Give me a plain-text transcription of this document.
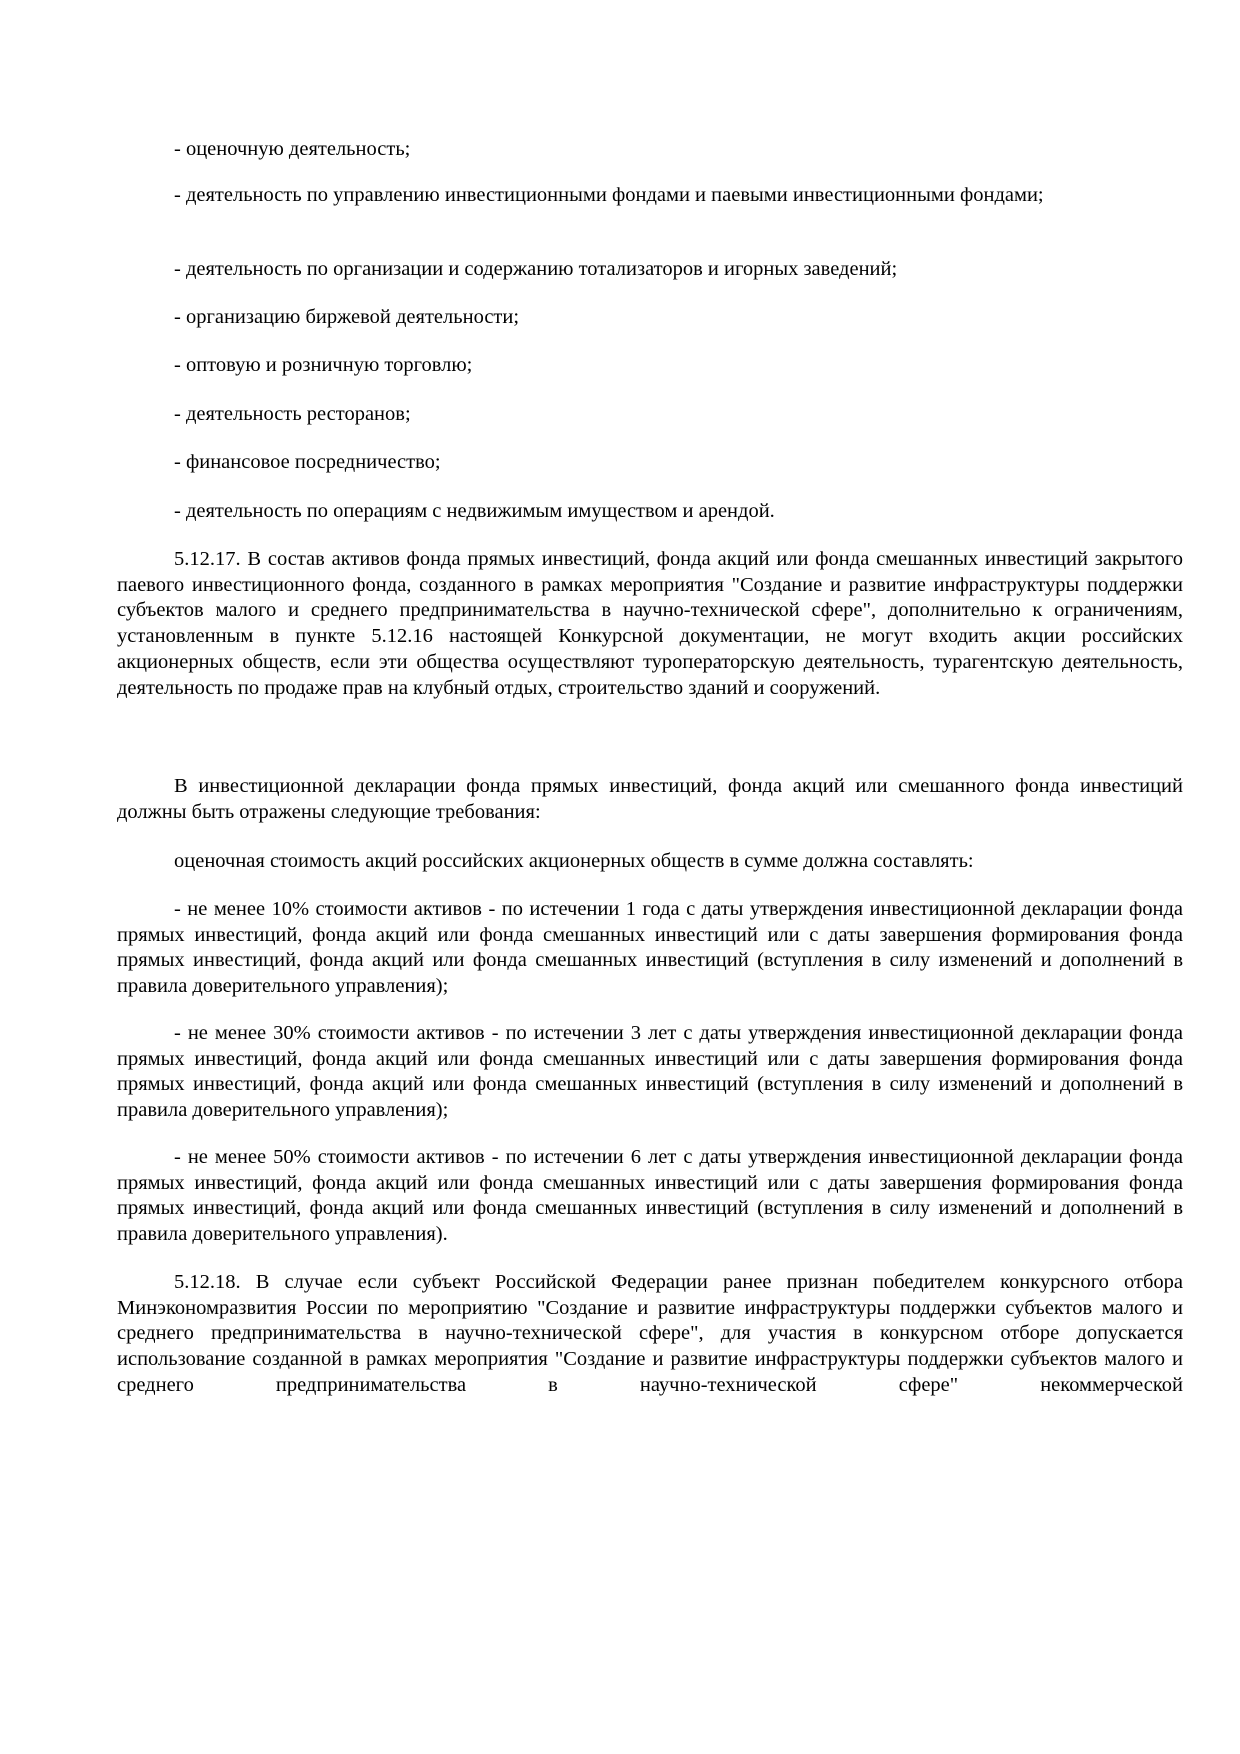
- оценочную деятельность;

- деятельность по управлению инвестиционными фондами и паевыми инвестиционными фондами;

- деятельность по организации и содержанию тотализаторов и игорных заведений;

- организацию биржевой деятельности;

- оптовую и розничную торговлю;

- деятельность ресторанов;

- финансовое посредничество;

- деятельность по операциям с недвижимым имуществом и арендой.

5.12.17. В состав активов фонда прямых инвестиций, фонда акций или фонда смешанных инвестиций закрытого паевого инвестиционного фонда, созданного в рамках мероприятия "Создание и развитие инфраструктуры поддержки субъектов малого и среднего предпринимательства в научно-технической сфере", дополнительно к ограничениям, установленным в пункте 5.12.16 настоящей Конкурсной документации, не могут входить акции российских акционерных обществ, если эти общества осуществляют туроператорскую деятельность, турагентскую деятельность, деятельность по продаже прав на клубный отдых, строительство зданий и сооружений.

В инвестиционной декларации фонда прямых инвестиций, фонда акций или смешанного фонда инвестиций должны быть отражены следующие требования:

оценочная стоимость акций российских акционерных обществ в сумме должна составлять:

- не менее 10% стоимости активов - по истечении 1 года с даты утверждения инвестиционной декларации фонда прямых инвестиций, фонда акций или фонда смешанных инвестиций или с даты завершения формирования фонда прямых инвестиций, фонда акций или фонда смешанных инвестиций (вступления в силу изменений и дополнений в правила доверительного управления);

- не менее 30% стоимости активов - по истечении 3 лет с даты утверждения инвестиционной декларации фонда прямых инвестиций, фонда акций или фонда смешанных инвестиций или с даты завершения формирования фонда прямых инвестиций, фонда акций или фонда смешанных инвестиций (вступления в силу изменений и дополнений в правила доверительного управления);

- не менее 50% стоимости активов - по истечении 6 лет с даты утверждения инвестиционной декларации фонда прямых инвестиций, фонда акций или фонда смешанных инвестиций или с даты завершения формирования фонда прямых инвестиций, фонда акций или фонда смешанных инвестиций (вступления в силу изменений и дополнений в правила доверительного управления).

5.12.18. В случае если субъект Российской Федерации ранее признан победителем конкурсного отбора Минэкономразвития России по мероприятию "Создание и развитие инфраструктуры поддержки субъектов малого и среднего предпринимательства в научно-технической сфере", для участия в конкурсном отборе допускается использование созданной в рамках мероприятия "Создание и развитие инфраструктуры поддержки субъектов малого и среднего предпринимательства в научно-технической сфере" некоммерческой
